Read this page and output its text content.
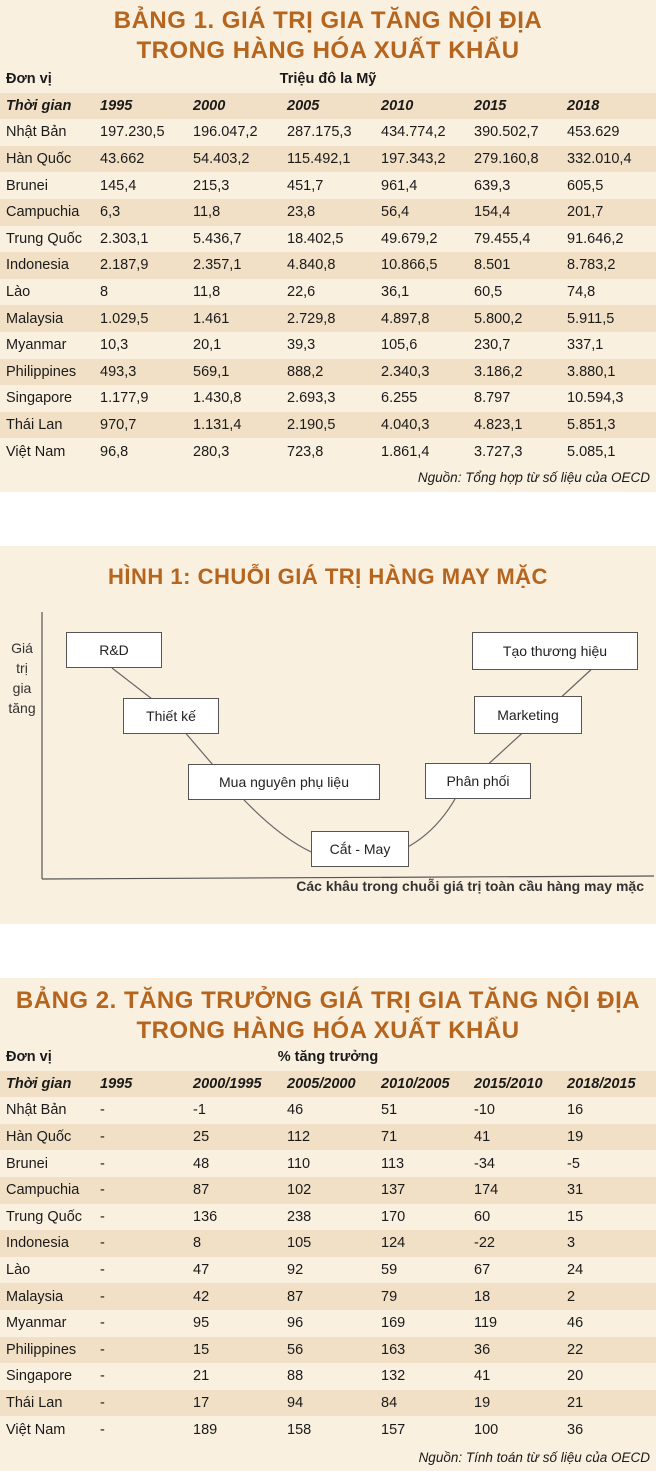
BẢNG 1. GIÁ TRỊ GIA TĂNG NỘI ĐỊA
TRONG HÀNG HÓA XUẤT KHẨU
Đơn vị	Triệu đô la Mỹ
Thời gian 1995	2000	2005	2010	2015	2018
Nhật Bản 197.230,5 196.047,2 287.175,3 434.774,2 390.502,7 453.629
Hàn Quốc 43.662	54.403,2	115.492,1 197.343,2 279.160,8 332.010,4
Brunei	145,4	215,3	451,7	961,4	639,3	605,5
Campuchia 6,3	11,8	23,8	56,4	154,4	201,7
Trung Quốc 2.303,1	5.436,7	18.402,5	49.679,2	79.455,4	91.646,2
Indonesia 2.187,9	2.357,1	4.840,8	10.866,5	8.501	8.783,2
Lào	8	11,8	22,6	36,1	60,5	74,8
Malaysia	1.029,5	1.461	2.729,8	4.897,8	5.800,2	5.911,5
Myanmar 10,3	20,1	39,3	105,6	230,7	337,1
Philippines 493,3	569,1	888,2	2.340,3	3.186,2	3.880,1
Singapore 1.177,9	1.430,8	2.693,3	6.255	8.797	10.594,3
Thái Lan	970,7	1.131,4	2.190,5	4.040,3	4.823,1	5.851,3
Việt Nam 96,8	280,3	723,8	1.861,4	3.727,3	5.085,1
Nguồn: Tổng hợp từ số liệu của OECD
HÌNH 1: CHUỖI GIÁ TRỊ HÀNG MAY MẶC
Giá
trị
gia
tăng
R&D
Thiết kế
Mua nguyên phụ liệu
Cắt - May
Phân phối
Marketing
Tạo thương hiệu
Các khâu trong chuỗi giá trị toàn cầu hàng may mặc
BẢNG 2. TĂNG TRƯỞNG GIÁ TRỊ GIA TĂNG NỘI ĐỊA
TRONG HÀNG HÓA XUẤT KHẨU
Đơn vị	% tăng trưởng
Thời gian 1995	2000/1995 2005/2000 2010/2005 2015/2010 2018/2015
Nhật Bản -	-1	46	51	-10	16
Hàn Quốc -	25	112	71	41	19
Brunei	-	48	110	113	-34	-5
Campuchia -	87	102	137	174	31
Trung Quốc -	136	238	170	60	15
Indonesia -	8	105	124	-22	3
Lào	-	47	92	59	67	24
Malaysia	-	42	87	79	18	2
Myanmar -	95	96	169	119	46
Philippines -	15	56	163	36	22
Singapore -	21	88	132	41	20
Thái Lan	-	17	94	84	19	21
Việt Nam -	189	158	157	100	36
Nguồn: Tính toán từ số liệu của OECD
